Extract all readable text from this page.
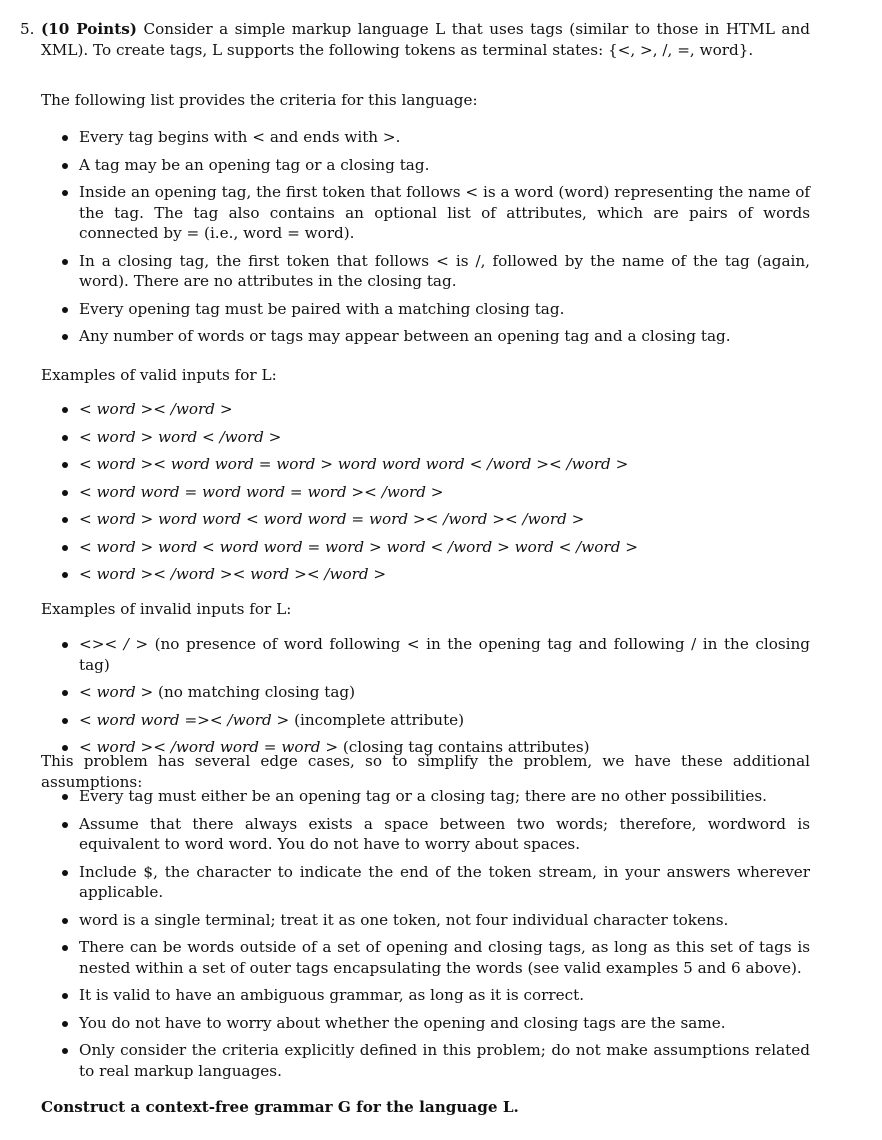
5. (10 Points) Consider a simple markup language L that uses tags (similar to those in HTML and XML). To create tags, L supports the following tokens as terminal states: {<, >, /, =, word}.
The following list provides the criteria for this language:
Every tag begins with < and ends with >.
A tag may be an opening tag or a closing tag.
Inside an opening tag, the first token that follows < is a word (word) representing the name of the tag. The tag also contains an optional list of attributes, which are pairs of words connected by = (i.e., word = word).
In a closing tag, the first token that follows < is /, followed by the name of the tag (again, word). There are no attributes in the closing tag.
Every opening tag must be paired with a matching closing tag.
Any number of words or tags may appear between an opening tag and a closing tag.
Examples of valid inputs for L:
< word >< /word >
< word > word < /word >
< word >< word word = word > word word word < /word >< /word >
< word word = word word = word >< /word >
< word > word word < word word = word >< /word >< /word >
< word > word < word word = word > word < /word > word < /word >
< word >< /word >< word >< /word >
Examples of invalid inputs for L:
<>< / > (no presence of word following < in the opening tag and following / in the closing tag)
< word > (no matching closing tag)
< word word =>< /word > (incomplete attribute)
< word >< /word word = word > (closing tag contains attributes)
This problem has several edge cases, so to simplify the problem, we have these additional assumptions:
Every tag must either be an opening tag or a closing tag; there are no other possibilities.
Assume that there always exists a space between two words; therefore, wordword is equivalent to word word. You do not have to worry about spaces.
Include $, the character to indicate the end of the token stream, in your answers wherever applicable.
word is a single terminal; treat it as one token, not four individual character tokens.
There can be words outside of a set of opening and closing tags, as long as this set of tags is nested within a set of outer tags encapsulating the words (see valid examples 5 and 6 above).
It is valid to have an ambiguous grammar, as long as it is correct.
You do not have to worry about whether the opening and closing tags are the same.
Only consider the criteria explicitly defined in this problem; do not make assumptions related to real markup languages.
Construct a context-free grammar G for the language L.
